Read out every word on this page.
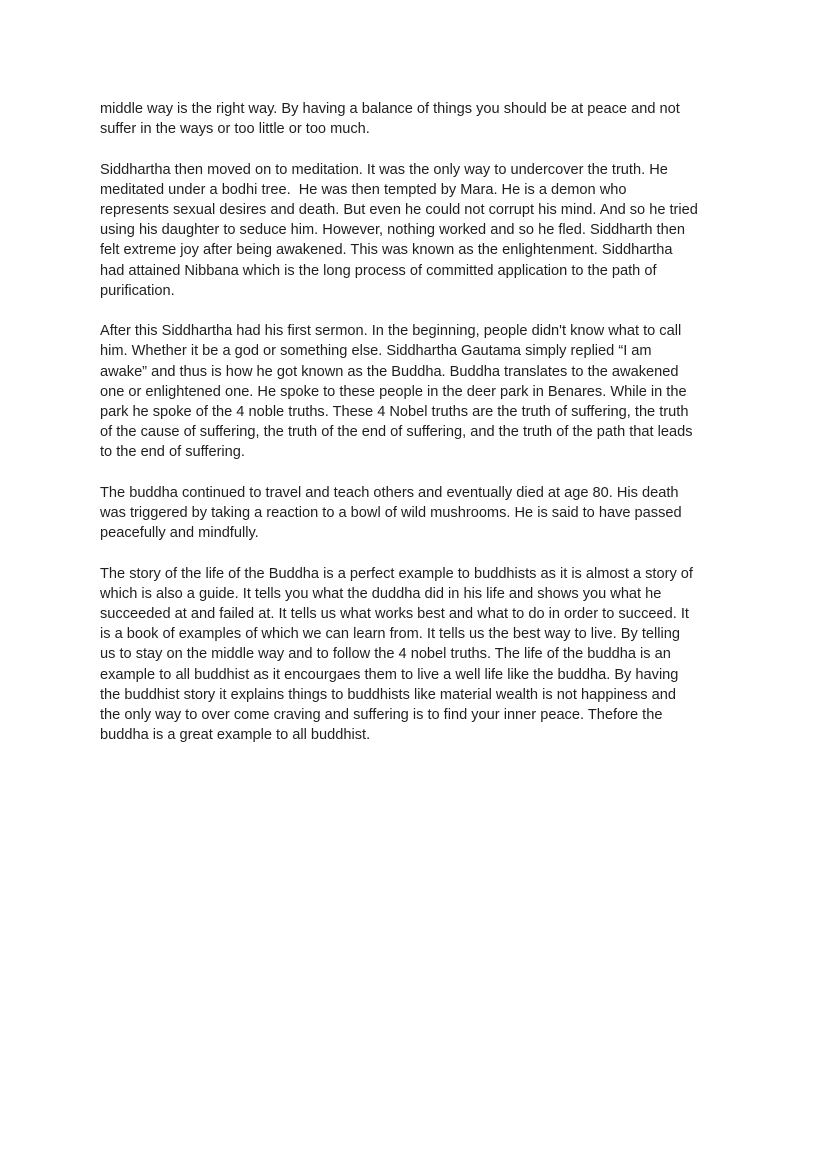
middle way is the right way. By having a balance of things you should be at peace and not
suffer in the ways or too little or too much.

Siddhartha then moved on to meditation. It was the only way to undercover the truth. He
meditated under a bodhi tree.  He was then tempted by Mara. He is a demon who
represents sexual desires and death. But even he could not corrupt his mind. And so he tried
using his daughter to seduce him. However, nothing worked and so he fled. Siddharth then
felt extreme joy after being awakened. This was known as the enlightenment. Siddhartha
had attained Nibbana which is the long process of committed application to the path of
purification.

After this Siddhartha had his first sermon. In the beginning, people didn't know what to call
him. Whether it be a god or something else. Siddhartha Gautama simply replied “I am
awake” and thus is how he got known as the Buddha. Buddha translates to the awakened
one or enlightened one. He spoke to these people in the deer park in Benares. While in the
park he spoke of the 4 noble truths. These 4 Nobel truths are the truth of suffering, the truth
of the cause of suffering, the truth of the end of suffering, and the truth of the path that leads
to the end of suffering.

The buddha continued to travel and teach others and eventually died at age 80. His death
was triggered by taking a reaction to a bowl of wild mushrooms. He is said to have passed
peacefully and mindfully.

The story of the life of the Buddha is a perfect example to buddhists as it is almost a story of
which is also a guide. It tells you what the duddha did in his life and shows you what he
succeeded at and failed at. It tells us what works best and what to do in order to succeed. It
is a book of examples of which we can learn from. It tells us the best way to live. By telling
us to stay on the middle way and to follow the 4 nobel truths. The life of the buddha is an
example to all buddhist as it encourgaes them to live a well life like the buddha. By having
the buddhist story it explains things to buddhists like material wealth is not happiness and
the only way to over come craving and suffering is to find your inner peace. Thefore the
buddha is a great example to all buddhist.
